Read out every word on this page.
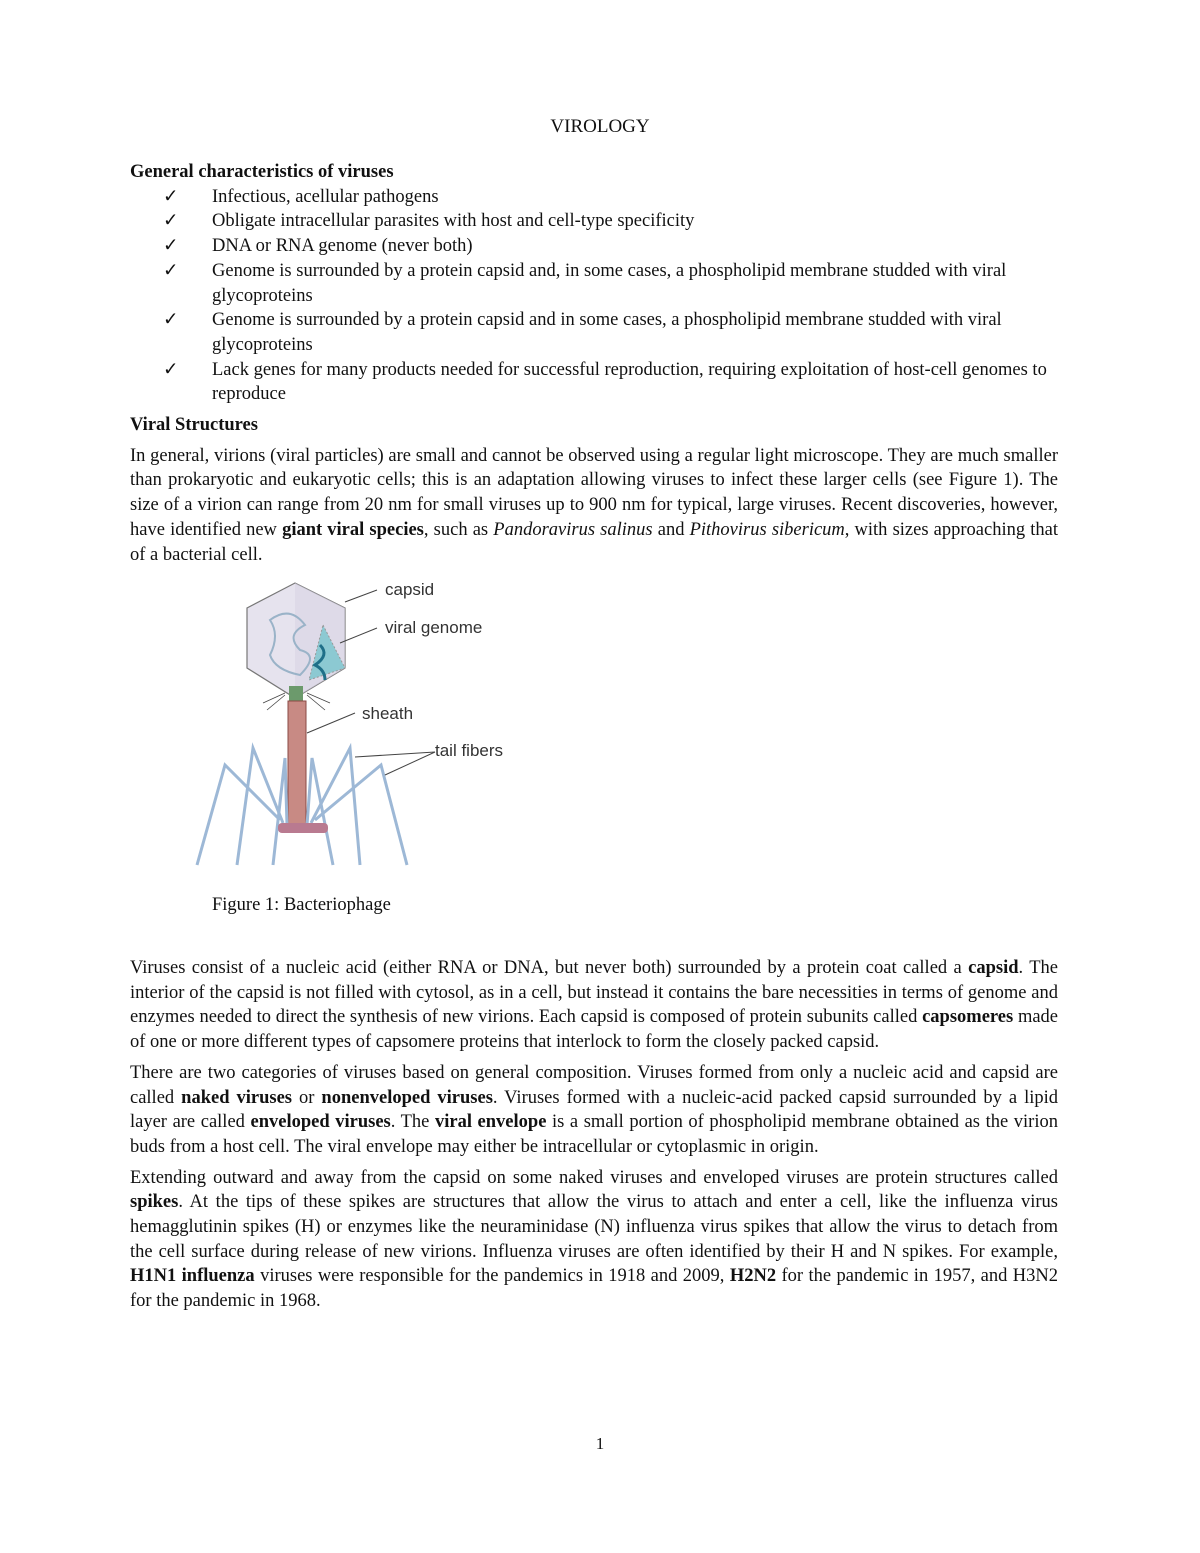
VIROLOGY
General characteristics of viruses
✓ Infectious, acellular pathogens
✓ Obligate intracellular parasites with host and cell-type specificity
✓ DNA or RNA genome (never both)
✓ Genome is surrounded by a protein capsid and, in some cases, a phospholipid membrane studded with viral glycoproteins
✓ Genome is surrounded by a protein capsid and in some cases, a phospholipid membrane studded with viral glycoproteins
✓ Lack genes for many products needed for successful reproduction, requiring exploitation of host-cell genomes to reproduce
Viral Structures
In general, virions (viral particles) are small and cannot be observed using a regular light microscope. They are much smaller than prokaryotic and eukaryotic cells; this is an adaptation allowing viruses to infect these larger cells (see Figure 1). The size of a virion can range from 20 nm for small viruses up to 900 nm for typical, large viruses. Recent discoveries, however, have identified new giant viral species, such as Pandoravirus salinus and Pithovirus sibericum, with sizes approaching that of a bacterial cell.
capsid
viral genome
sheath
tail fibers
Figure 1: Bacteriophage
Viruses consist of a nucleic acid (either RNA or DNA, but never both) surrounded by a protein coat called a capsid. The interior of the capsid is not filled with cytosol, as in a cell, but instead it contains the bare necessities in terms of genome and enzymes needed to direct the synthesis of new virions. Each capsid is composed of protein subunits called capsomeres made of one or more different types of capsomere proteins that interlock to form the closely packed capsid.
There are two categories of viruses based on general composition. Viruses formed from only a nucleic acid and capsid are called naked viruses or nonenveloped viruses. Viruses formed with a nucleic-acid packed capsid surrounded by a lipid layer are called enveloped viruses. The viral envelope is a small portion of phospholipid membrane obtained as the virion buds from a host cell. The viral envelope may either be intracellular or cytoplasmic in origin.
Extending outward and away from the capsid on some naked viruses and enveloped viruses are protein structures called spikes. At the tips of these spikes are structures that allow the virus to attach and enter a cell, like the influenza virus hemagglutinin spikes (H) or enzymes like the neuraminidase (N) influenza virus spikes that allow the virus to detach from the cell surface during release of new virions. Influenza viruses are often identified by their H and N spikes. For example, H1N1 influenza viruses were responsible for the pandemics in 1918 and 2009, H2N2 for the pandemic in 1957, and H3N2 for the pandemic in 1968.
1
